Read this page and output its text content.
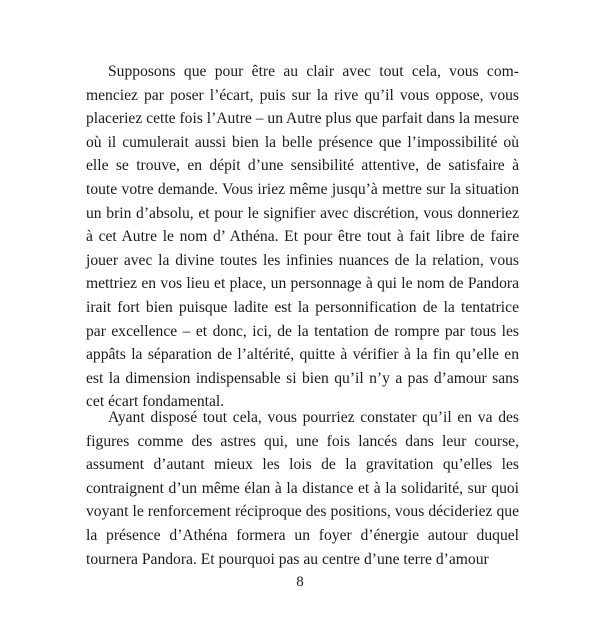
Supposons que pour être au clair avec tout cela, vous commenciez par poser l’écart, puis sur la rive qu’il vous oppose, vous placeriez cette fois l’Autre – un Autre plus que parfait dans la mesure où il cumulerait aussi bien la belle présence que l’impossibilité où elle se trouve, en dépit d’une sensibilité attentive, de satisfaire à toute votre demande. Vous iriez même jusqu’à mettre sur la situation un brin d’absolu, et pour le signifier avec discrétion, vous donneriez à cet Autre le nom d’ Athéna. Et pour être tout à fait libre de faire jouer avec la divine toutes les infinies nuances de la relation, vous mettriez en vos lieu et place, un personnage à qui le nom de Pandora irait fort bien puisque ladite est la personnification de la tentatrice par excellence – et donc, ici, de la tentation de rompre par tous les appâts la séparation de l’altérité, quitte à vérifier à la fin qu’elle en est la dimension indispensable si bien qu’il n’y a pas d’amour sans cet écart fondamental.

Ayant disposé tout cela, vous pourriez constater qu’il en va des figures comme des astres qui, une fois lancés dans leur course, assument d’autant mieux les lois de la gravitation qu’elles les contraignent d’un même élan à la distance et à la solidarité, sur quoi voyant le renforcement réciproque des positions, vous décideriez que la présence d’Athéna formera un foyer d’énergie autour duquel tournera Pandora. Et pourquoi pas au centre d’une terre d’amour

8
